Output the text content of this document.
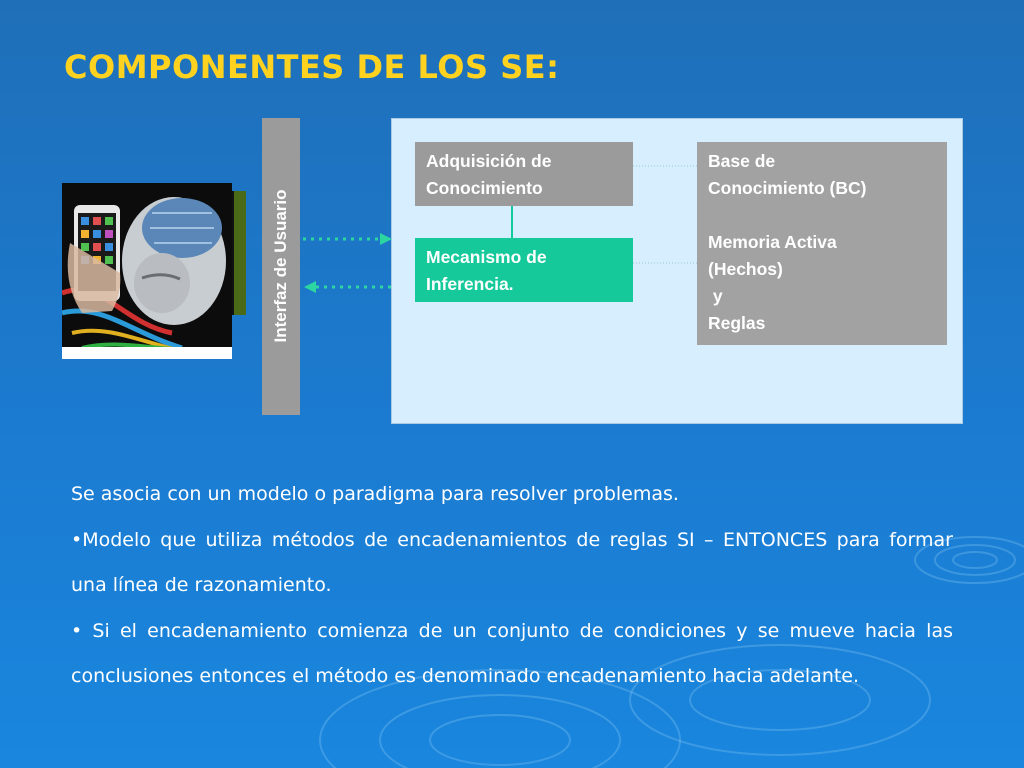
COMPONENTES DE LOS SE:
Interfaz de Usuario
Adquisición de
Conocimiento
Mecanismo de
Inferencia.
Base de
Conocimiento (BC)

Memoria Activa
(Hechos)
y
Reglas

Se asocia con un modelo o paradigma para resolver problemas.

•Modelo que utiliza métodos de encadenamientos de reglas SI – ENTONCES para formar una línea de razonamiento.

• Si el encadenamiento comienza de un conjunto de condiciones y se mueve hacia las conclusiones entonces el método es denominado encadenamiento hacia adelante.
